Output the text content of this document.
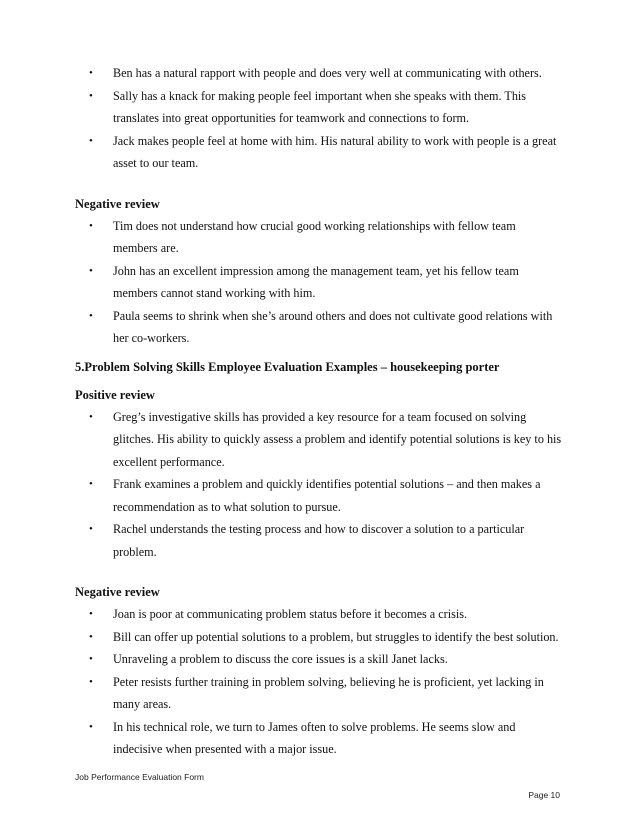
• Ben has a natural rapport with people and does very well at communicating with others.
• Sally has a knack for making people feel important when she speaks with them. This translates into great opportunities for teamwork and connections to form.
• Jack makes people feel at home with him. His natural ability to work with people is a great asset to our team.

Negative review

• Tim does not understand how crucial good working relationships with fellow team members are.
• John has an excellent impression among the management team, yet his fellow team members cannot stand working with him.
• Paula seems to shrink when she’s around others and does not cultivate good relations with her co-workers.

5.Problem Solving Skills Employee Evaluation Examples – housekeeping porter

Positive review

• Greg’s investigative skills has provided a key resource for a team focused on solving glitches. His ability to quickly assess a problem and identify potential solutions is key to his excellent performance.
• Frank examines a problem and quickly identifies potential solutions – and then makes a recommendation as to what solution to pursue.
• Rachel understands the testing process and how to discover a solution to a particular problem.

Negative review

• Joan is poor at communicating problem status before it becomes a crisis.
• Bill can offer up potential solutions to a problem, but struggles to identify the best solution.
• Unraveling a problem to discuss the core issues is a skill Janet lacks.
• Peter resists further training in problem solving, believing he is proficient, yet lacking in many areas.
• In his technical role, we turn to James often to solve problems. He seems slow and indecisive when presented with a major issue.
Job Performance Evaluation Form
Page 10
